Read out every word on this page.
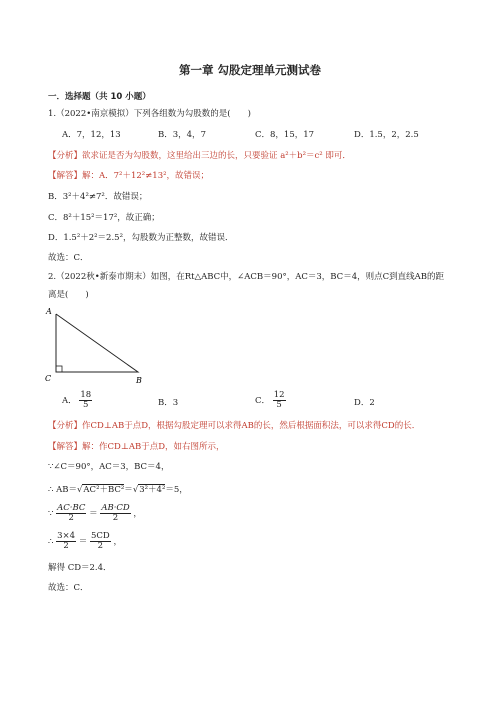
第一章 勾股定理单元测试卷
一．选择题（共 10 小题）
1.（2022•南京模拟）下列各组数为勾股数的是(　　)
A．7，12，13	B．3，4，7	C．8，15，17	D．1.5，2，2.5
【分析】欲求证是否为勾股数，这里给出三边的长，只要验证 a²＋b²＝c² 即可．
【解答】解：A．7²＋12²≠13²，故错误；
B．3²＋4²≠7²．故错误；
C．8²＋15²＝17²，故正确；
D．1.5²＋2²＝2.5²，勾股数为正整数，故错误．
故选：C．
2.（2022秋•新泰市期末）如图，在Rt△ABC中，∠ACB＝90°，AC＝3，BC＝4，则点C到直线AB的距
离是(　　)
A
C	B
A． $\frac{18}{5}$	B．3	C． $\frac{12}{5}$	D．2
【分析】作CD⊥AB于点D，根据勾股定理可以求得AB的长，然后根据面积法，可以求得CD的长．
【解答】解：作CD⊥AB于点D，如右图所示，
∵∠C＝90°，AC＝3，BC＝4，
∴ AB＝√AC²＋BC²＝√3²＋4²＝5，
∵ $\frac{AC\cdot BC}{2} = \frac{AB\cdot CD}{2}$ ，
∴ $\frac{3\times 4}{2} = \frac{5CD}{2}$ ，
解得 CD＝2.4．
故选：C．
